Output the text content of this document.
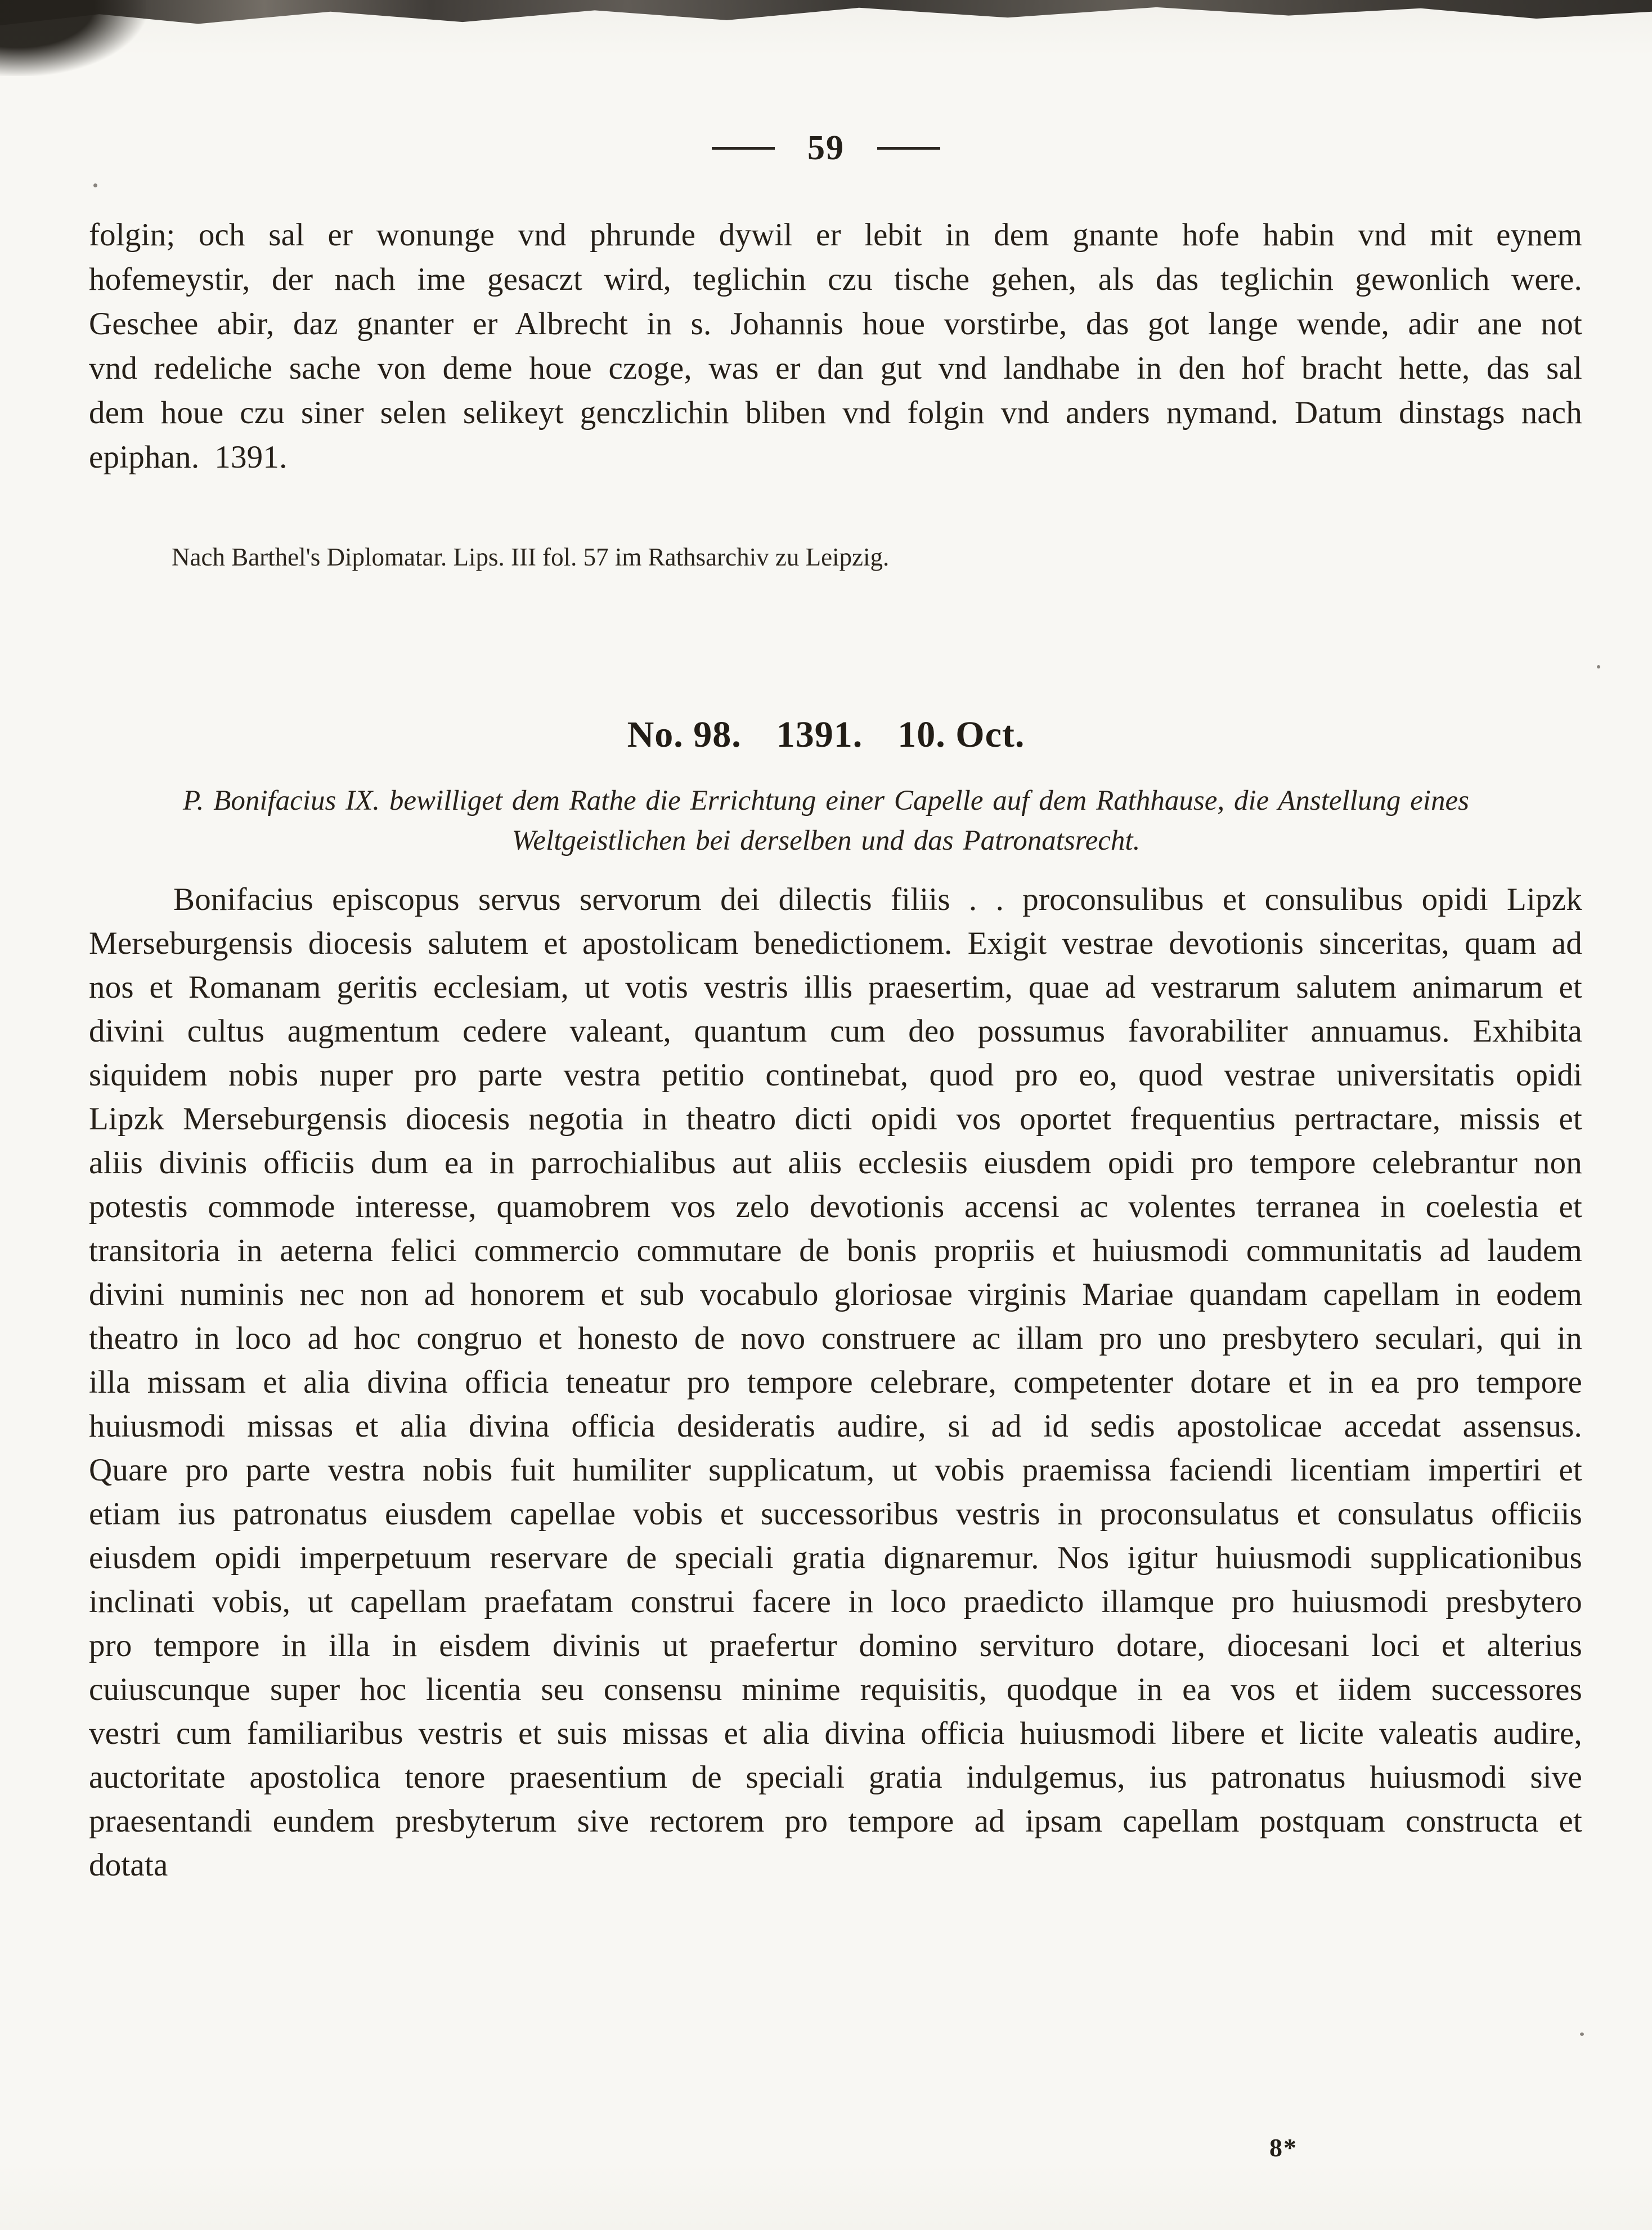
59

folgin; och sal er wonunge vnd phrunde dywil er lebit in dem gnante hofe habin vnd mit eynem hofemeystir, der nach ime gesaczt wird, teglichin czu tische gehen, als das teglichin gewonlich were. Geschee abir, daz gnanter er Albrecht in s. Johannis houe vorstirbe, das got lange wende, adir ane not vnd redeliche sache von deme houe czoge, was er dan gut vnd landhabe in den hof bracht hette, das sal dem houe czu siner selen selikeyt genczlichin bliben vnd folgin vnd anders nymand. Datum dinstags nach epiphan. 1391.

Nach Barthel's Diplomatar. Lips. III fol. 57 im Rathsarchiv zu Leipzig.

No. 98. 1391. 10. Oct.

P. Bonifacius IX. bewilliget dem Rathe die Errichtung einer Capelle auf dem Rathhause, die Anstellung eines Weltgeistlichen bei derselben und das Patronatsrecht.

Bonifacius episcopus servus servorum dei dilectis filiis . . proconsulibus et consulibus opidi Lipzk Merseburgensis diocesis salutem et apostolicam benedictionem. Exigit vestrae devotionis sinceritas, quam ad nos et Romanam geritis ecclesiam, ut votis vestris illis praesertim, quae ad vestrarum salutem animarum et divini cultus augmentum cedere valeant, quantum cum deo possumus favorabiliter annuamus. Exhibita siquidem nobis nuper pro parte vestra petitio continebat, quod pro eo, quod vestrae universitatis opidi Lipzk Merseburgensis diocesis negotia in theatro dicti opidi vos oportet frequentius pertractare, missis et aliis divinis officiis dum ea in parrochialibus aut aliis ecclesiis eiusdem opidi pro tempore celebrantur non potestis commode interesse, quamobrem vos zelo devotionis accensi ac volentes terranea in coelestia et transitoria in aeterna felici commercio commutare de bonis propriis et huiusmodi communitatis ad laudem divini numinis nec non ad honorem et sub vocabulo gloriosae virginis Mariae quandam capellam in eodem theatro in loco ad hoc congruo et honesto de novo construere ac illam pro uno presbytero seculari, qui in illa missam et alia divina officia teneatur pro tempore celebrare, competenter dotare et in ea pro tempore huiusmodi missas et alia divina officia desideratis audire, si ad id sedis apostolicae accedat assensus. Quare pro parte vestra nobis fuit humiliter supplicatum, ut vobis praemissa faciendi licentiam impertiri et etiam ius patronatus eiusdem capellae vobis et successoribus vestris in proconsulatus et consulatus officiis eiusdem opidi imperpetuum reservare de speciali gratia dignaremur. Nos igitur huiusmodi supplicationibus inclinati vobis, ut capellam praefatam construi facere in loco praedicto illamque pro huiusmodi presbytero pro tempore in illa in eisdem divinis ut praefertur domino servituro dotare, diocesani loci et alterius cuiuscunque super hoc licentia seu consensu minime requisitis, quodque in ea vos et iidem successores vestri cum familiaribus vestris et suis missas et alia divina officia huiusmodi libere et licite valeatis audire, auctoritate apostolica tenore praesentium de speciali gratia indulgemus, ius patronatus huiusmodi sive praesentandi eundem presbyterum sive rectorem pro tempore ad ipsam capellam postquam constructa et dotata

8*
